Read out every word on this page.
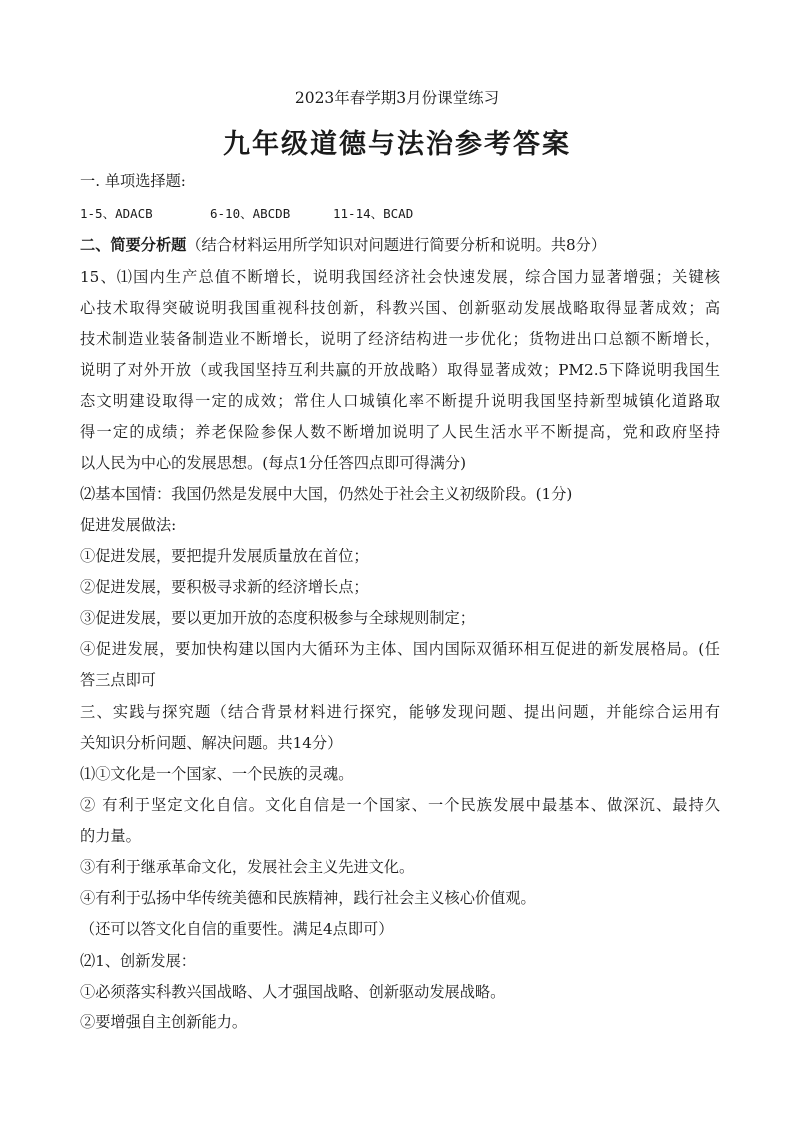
2023年春学期3月份课堂练习
九年级道德与法治参考答案
一. 单项选择题:
1-5、ADACB	6-10、ABCDB	11-14、BCAD
二、简要分析题（结合材料运用所学知识对问题进行简要分析和说明。共8分）
15、⑴国内生产总值不断增长，说明我国经济社会快速发展，综合国力显著增强；关键核
心技术取得突破说明我国重视科技创新，科教兴国、创新驱动发展战略取得显著成效；高
技术制造业装备制造业不断增长，说明了经济结构进一步优化；货物进出口总额不断增长，
说明了对外开放（或我国坚持互利共赢的开放战略）取得显著成效；PM2.5下降说明我国生
态文明建设取得一定的成效；常住人口城镇化率不断提升说明我国坚持新型城镇化道路取
得一定的成绩；养老保险参保人数不断增加说明了人民生活水平不断提高，党和政府坚持
以人民为中心的发展思想。(每点1分任答四点即可得满分)
⑵基本国情：我国仍然是发展中大国，仍然处于社会主义初级阶段。(1分)
促进发展做法:
①促进发展，要把提升发展质量放在首位；
②促进发展，要积极寻求新的经济增长点；
③促进发展，要以更加开放的态度积极参与全球规则制定；
④促进发展，要加快构建以国内大循环为主体、国内国际双循环相互促进的新发展格局。(任
答三点即可
三、实践与探究题（结合背景材料进行探究，能够发现问题、提出问题，并能综合运用有
关知识分析问题、解决问题。共14分）
⑴①文化是一个国家、一个民族的灵魂。
② 有利于坚定文化自信。文化自信是一个国家、一个民族发展中最基本、做深沉、最持久
的力量。
③有利于继承革命文化，发展社会主义先进文化。
④有利于弘扬中华传统美德和民族精神，践行社会主义核心价值观。
（还可以答文化自信的重要性。满足4点即可）
⑵1、创新发展：
①必须落实科教兴国战略、人才强国战略、创新驱动发展战略。
②要增强自主创新能力。
